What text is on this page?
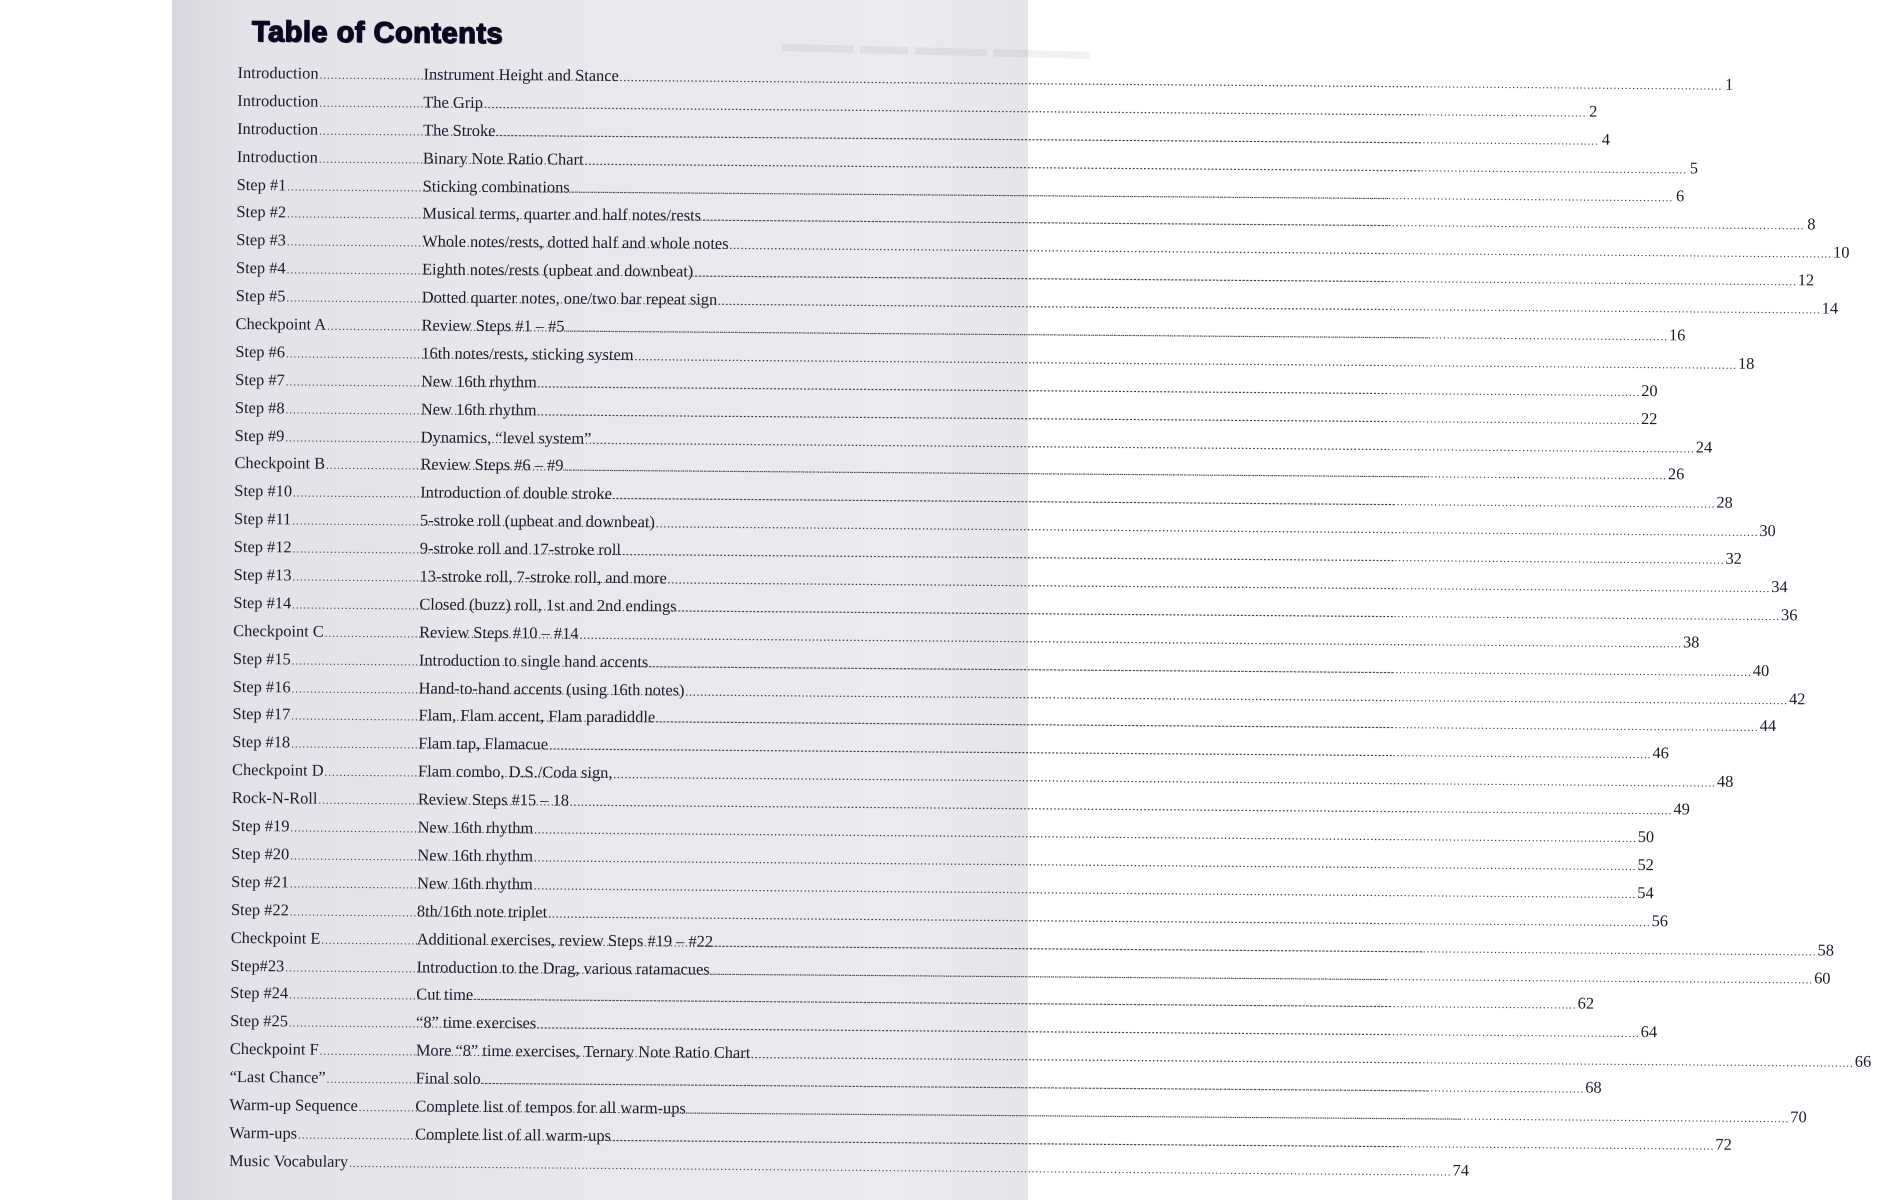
▬▬▬ ▬▬ ▬▬▬ ▬▬▬▬
Table of Contents
Introduction .....	Instrument Height and Stance .....	1
Introduction .....	The Grip .....	2
Introduction .....	The Stroke .....	4
Introduction .....	Binary Note Ratio Chart .....	5
Step #1 .....	Sticking combinations .....	6
Step #2 .....	Musical terms, quarter and half notes/rests .....	8
Step #3 .....	Whole notes/rests, dotted half and whole notes .....	10
Step #4 .....	Eighth notes/rests (upbeat and downbeat) .....	12
Step #5 .....	Dotted quarter notes, one/two bar repeat sign .....	14
Checkpoint A .....	Review Steps #1 – #5 .....	16
Step #6 .....	16th notes/rests, sticking system .....	18
Step #7 .....	New 16th rhythm .....	20
Step #8 .....	New 16th rhythm .....	22
Step #9 .....	Dynamics, “level system” .....	24
Checkpoint B .....	Review Steps #6 – #9 .....	26
Step #10 .....	Introduction of double stroke .....	28
Step #11 .....	5-stroke roll (upbeat and downbeat) .....	30
Step #12 .....	9-stroke roll and 17-stroke roll .....	32
Step #13 .....	13-stroke roll, 7-stroke roll, and more .....	34
Step #14 .....	Closed (buzz) roll, 1st and 2nd endings .....	36
Checkpoint C .....	Review Steps #10 – #14 .....	38
Step #15 .....	Introduction to single hand accents .....	40
Step #16 .....	Hand-to-hand accents (using 16th notes) .....	42
Step #17 .....	Flam, Flam accent, Flam paradiddle .....	44
Step #18 .....	Flam tap, Flamacue .....	46
Checkpoint D .....	Flam combo, D.S./Coda sign, .....	48
Rock-N-Roll .....	Review Steps #15 – 18 .....	49
Step #19 .....	New 16th rhythm .....	50
Step #20 .....	New 16th rhythm .....	52
Step #21 .....	New 16th rhythm .....	54
Step #22 .....	8th/16th note triplet .....	56
Checkpoint E .....	Additional exercises, review Steps #19 – #22 .....	58
Step#23 .....	Introduction to the Drag, various ratamacues .....	60
Step #24 .....	Cut time .....	62
Step #25 .....	“8” time exercises .....	64
Checkpoint F .....	More “8” time exercises, Ternary Note Ratio Chart .....	66
“Last Chance” .....	Final solo .....	68
Warm-up Sequence .....	Complete list of tempos for all warm-ups .....	70
Warm-ups .....	Complete list of all warm-ups .....	72
Music Vocabulary .....	74
